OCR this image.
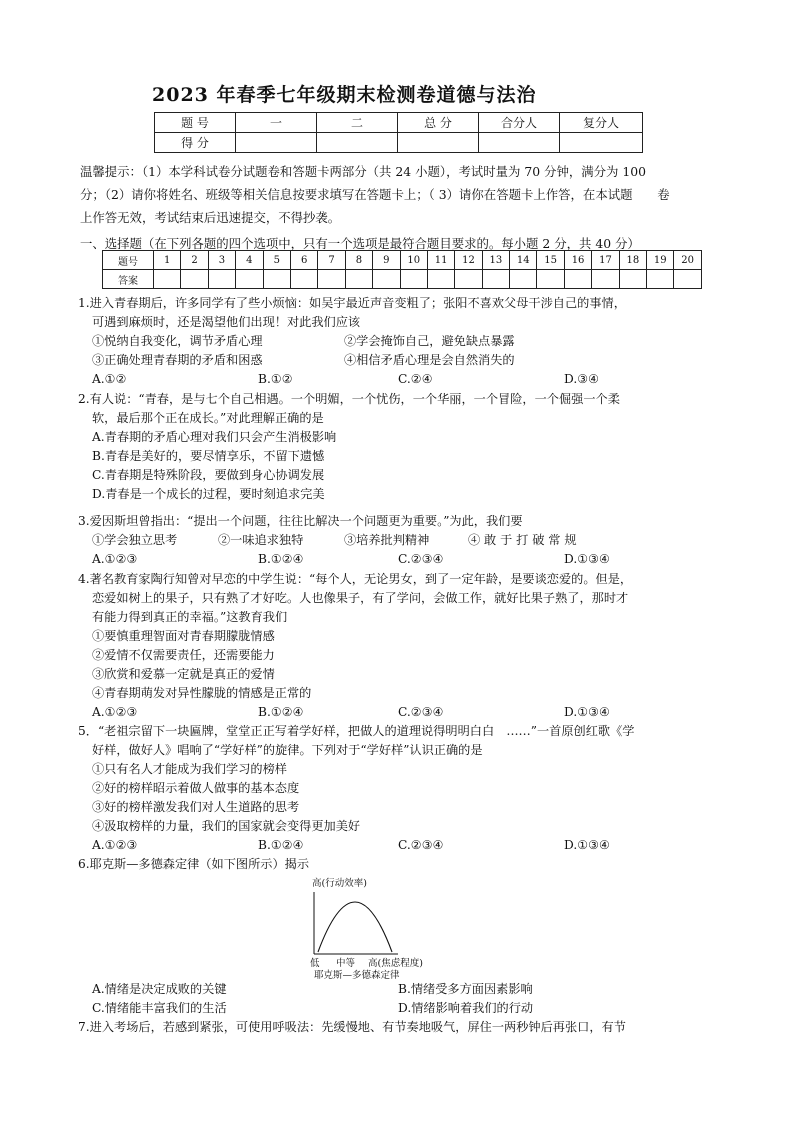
2023 年春季七年级期末检测卷道德与法治
题 号	一	二	总 分	合分人	复分人
得 分					
温馨提示：（1）本学科试卷分试题卷和答题卡两部分（共 24 小题），考试时量为 70 分钟，满分为 100
分；（2）请你将姓名、班级等相关信息按要求填写在答题卡上；（ 3）请你在答题卡上作答，在本试题　　卷
上作答无效，考试结束后迅速提交，不得抄袭。
一、选择题（在下列各题的四个选项中，只有一个选项是最符合题目要求的。每小题 2 分，共 40 分）
题号	1	2	3	4	5	6	7	8	9	10	11	12	13	14	15	16	17	18	19	20
答案																				
1.进入青春期后，许多同学有了些小烦恼：如吴宇最近声音变粗了；张阳不喜欢父母干涉自己的事情，
可遇到麻烦时，还是渴望他们出现！对此我们应该
①悦纳自我变化，调节矛盾心理	②学会掩饰自己，避免缺点暴露
③正确处理青春期的矛盾和困惑	④相信矛盾心理是会自然消失的
A.①②	B.①②	C.②④	D.③④
2.有人说：“青春，是与七个自己相遇。一个明媚，一个忧伤，一个华丽，一个冒险，一个倔强一个柔
软，最后那个正在成长。”对此理解正确的是
A.青春期的矛盾心理对我们只会产生消极影响
B.青春是美好的，要尽情享乐，不留下遗憾
C.青春期是特殊阶段，要做到身心协调发展
D.青春是一个成长的过程，要时刻追求完美
3.爱因斯坦曾指出：“提出一个问题，往往比解决一个问题更为重要。”为此，我们要
①学会独立思考	②一味追求独特	③培养批判精神	④ 敢 于 打 破 常 规
A.①②③	B.①②④	C.②③④	D.①③④
4.著名教育家陶行知曾对早恋的中学生说：“每个人，无论男女，到了一定年龄，是要谈恋爱的。但是，
恋爱如树上的果子，只有熟了才好吃。人也像果子，有了学问，会做工作，就好比果子熟了，那时才
有能力得到真正的幸福。”这教育我们
①要慎重理智面对青春期朦胧情感
②爱情不仅需要责任，还需要能力
③欣赏和爱慕一定就是真正的爱情
④青春期萌发对异性朦胧的情感是正常的
A.①②③	B.①②④	C.②③④	D.①③④
5．“老祖宗留下一块匾牌，堂堂正正写着学好样，把做人的道理说得明明白白　……”一首原创红歌《学
好样，做好人》唱响了“学好样”的旋律。下列对于“学好样”认识正确的是
①只有名人才能成为我们学习的榜样
②好的榜样昭示着做人做事的基本态度
③好的榜样激发我们对人生道路的思考
④汲取榜样的力量，我们的国家就会变得更加美好
A.①②③	B.①②④	C.②③④	D.①③④
6.耶克斯—多德森定律（如下图所示）揭示
高(行动效率)
低 中等 高(焦虑程度)
耶克斯—多德森定律
A.情绪是决定成败的关键	B.情绪受多方面因素影响
C.情绪能丰富我们的生活	D.情绪影响着我们的行动
7.进入考场后，若感到紧张，可使用呼吸法：先缓慢地、有节奏地吸气，屏住一两秒钟后再张口，有节
